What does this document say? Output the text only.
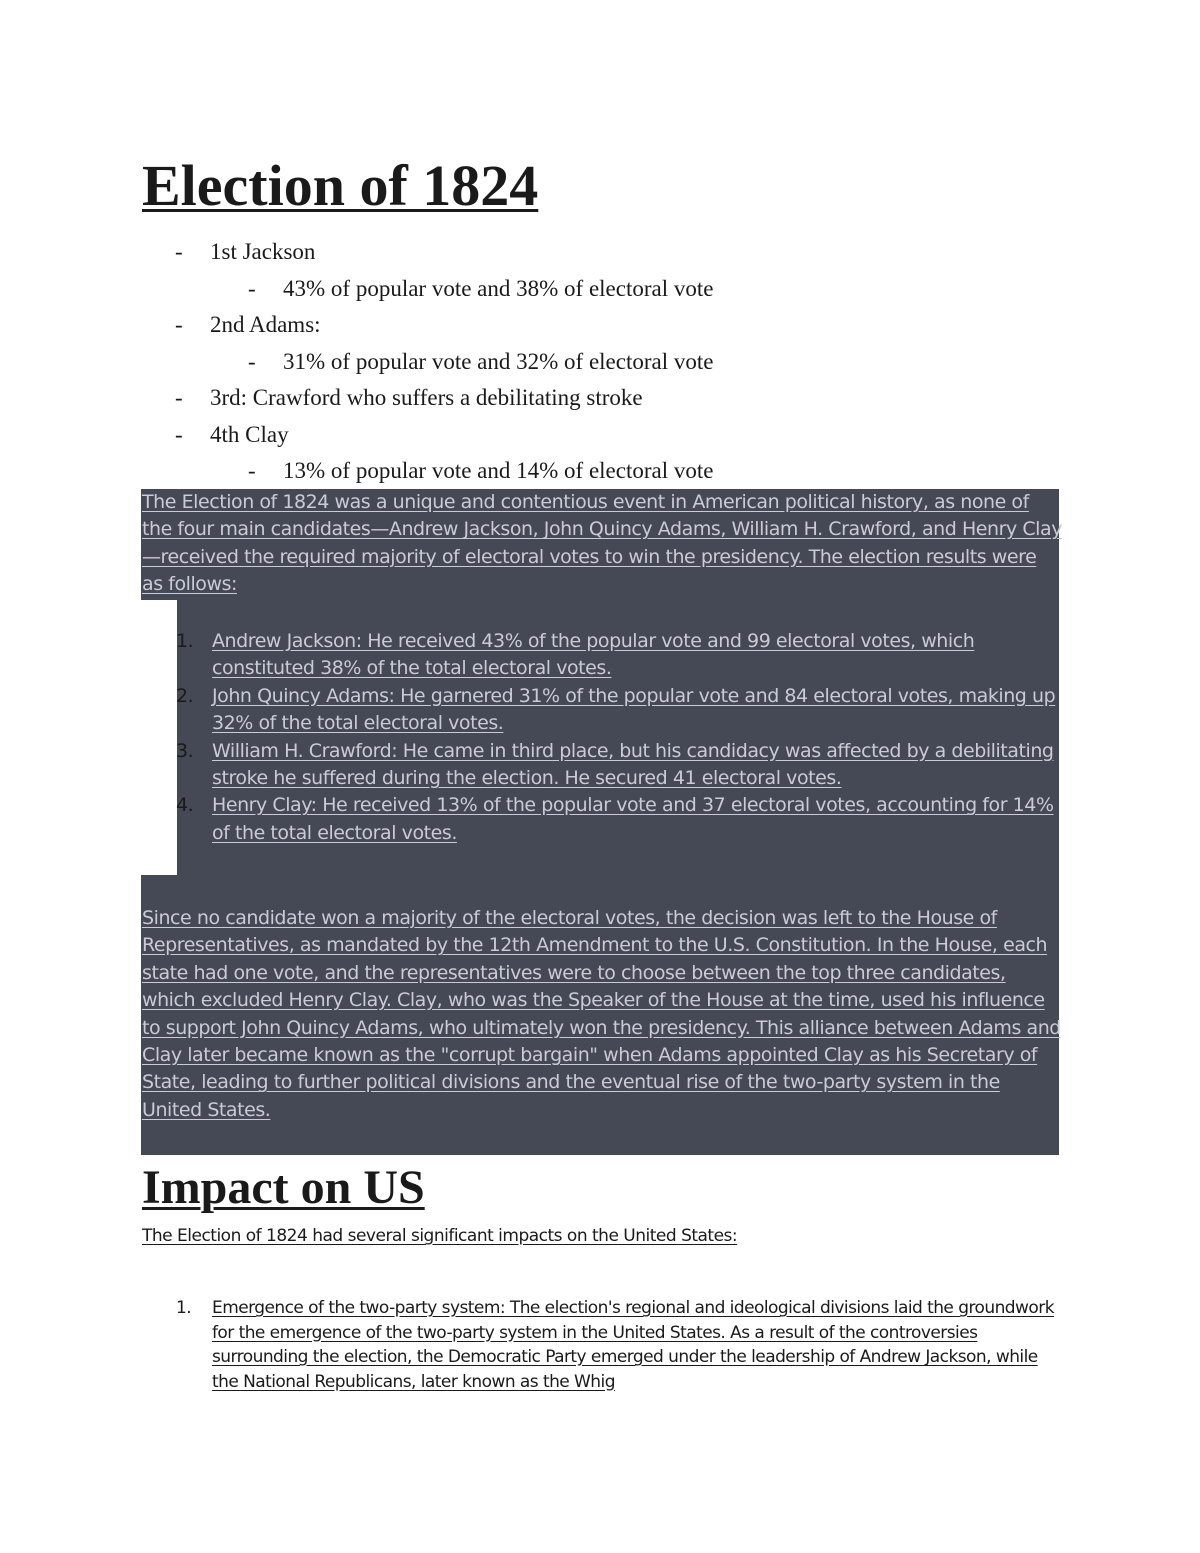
Election of 1824
- 1st Jackson
- 43% of popular vote and 38% of electoral vote
- 2nd Adams:
- 31% of popular vote and 32% of electoral vote
- 3rd: Crawford who suffers a debilitating stroke
- 4th Clay
- 13% of popular vote and 14% of electoral vote

The Election of 1824 was a unique and contentious event in American political history, as none of the four main candidates—Andrew Jackson, John Quincy Adams, William H. Crawford, and Henry Clay—received the required majority of electoral votes to win the presidency. The election results were as follows:

1. Andrew Jackson: He received 43% of the popular vote and 99 electoral votes, which constituted 38% of the total electoral votes.
2. John Quincy Adams: He garnered 31% of the popular vote and 84 electoral votes, making up 32% of the total electoral votes.
3. William H. Crawford: He came in third place, but his candidacy was affected by a debilitating stroke he suffered during the election. He secured 41 electoral votes.
4. Henry Clay: He received 13% of the popular vote and 37 electoral votes, accounting for 14% of the total electoral votes.

Since no candidate won a majority of the electoral votes, the decision was left to the House of Representatives, as mandated by the 12th Amendment to the U.S. Constitution. In the House, each state had one vote, and the representatives were to choose between the top three candidates, which excluded Henry Clay. Clay, who was the Speaker of the House at the time, used his influence to support John Quincy Adams, who ultimately won the presidency. This alliance between Adams and Clay later became known as the "corrupt bargain" when Adams appointed Clay as his Secretary of State, leading to further political divisions and the eventual rise of the two-party system in the United States.

Impact on US

The Election of 1824 had several significant impacts on the United States:

1. Emergence of the two-party system: The election's regional and ideological divisions laid the groundwork for the emergence of the two-party system in the United States. As a result of the controversies surrounding the election, the Democratic Party emerged under the leadership of Andrew Jackson, while the National Republicans, later known as the Whig
